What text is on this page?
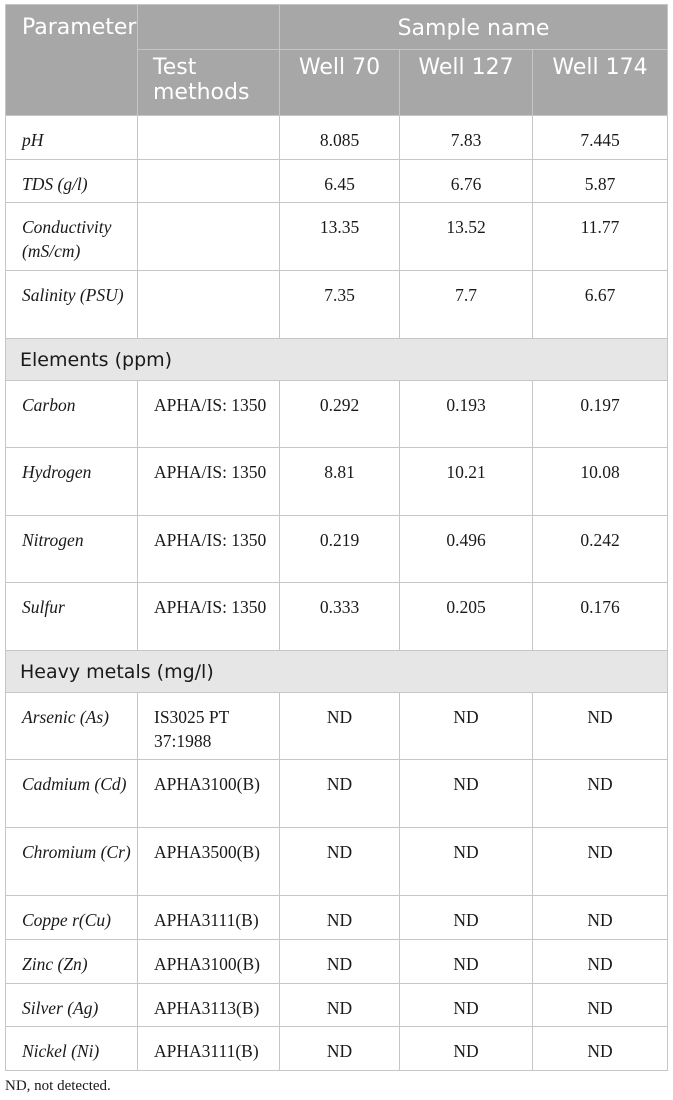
Parameter		Sample name		
	Test methods	Well 70	Well 127	Well 174
pH		8.085	7.83	7.445
TDS (g/l)		6.45	6.76	5.87
Conductivity (mS/cm)		13.35	13.52	11.77
Salinity (PSU)		7.35	7.7	6.67
Elements (ppm)				
Carbon	APHA/IS: 1350	0.292	0.193	0.197
Hydrogen	APHA/IS: 1350	8.81	10.21	10.08
Nitrogen	APHA/IS: 1350	0.219	0.496	0.242
Sulfur	APHA/IS: 1350	0.333	0.205	0.176
Heavy metals (mg/l)				
Arsenic (As)	IS3025 PT 37:1988	ND	ND	ND
Cadmium (Cd)	APHA3100(B)	ND	ND	ND
Chromium (Cr)	APHA3500(B)	ND	ND	ND
Coppe r(Cu)	APHA3111(B)	ND	ND	ND
Zinc (Zn)	APHA3100(B)	ND	ND	ND
Silver (Ag)	APHA3113(B)	ND	ND	ND
Nickel (Ni)	APHA3111(B)	ND	ND	ND
ND, not detected.
